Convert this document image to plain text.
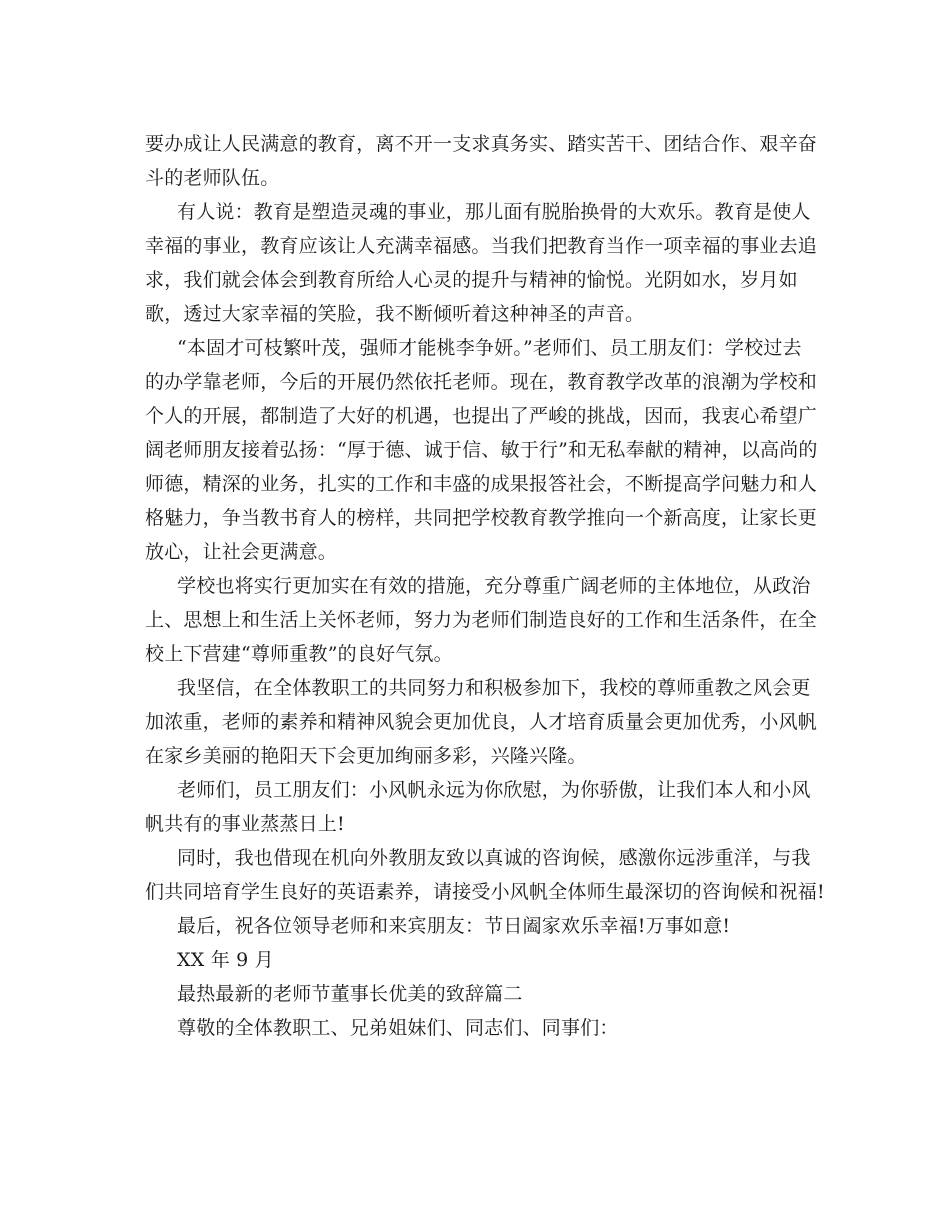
要办成让人民满意的教育，离不开一支求真务实、踏实苦干、团结合作、艰辛奋
斗的老师队伍。
有人说：教育是塑造灵魂的事业，那儿面有脱胎换骨的大欢乐。教育是使人
幸福的事业，教育应该让人充满幸福感。当我们把教育当作一项幸福的事业去追
求，我们就会体会到教育所给人心灵的提升与精神的愉悦。光阴如水，岁月如
歌，透过大家幸福的笑脸，我不断倾听着这种神圣的声音。
“本固才可枝繁叶茂，强师才能桃李争妍。”老师们、员工朋友们：学校过去
的办学靠老师，今后的开展仍然依托老师。现在，教育教学改革的浪潮为学校和
个人的开展，都制造了大好的机遇，也提出了严峻的挑战，因而，我衷心希望广
阔老师朋友接着弘扬：“厚于德、诚于信、敏于行”和无私奉献的精神，以高尚的
师德，精深的业务，扎实的工作和丰盛的成果报答社会，不断提高学问魅力和人
格魅力，争当教书育人的榜样，共同把学校教育教学推向一个新高度，让家长更
放心，让社会更满意。
学校也将实行更加实在有效的措施，充分尊重广阔老师的主体地位，从政治
上、思想上和生活上关怀老师，努力为老师们制造良好的工作和生活条件，在全
校上下营建“尊师重教”的良好气氛。
我坚信，在全体教职工的共同努力和积极参加下，我校的尊师重教之风会更
加浓重，老师的素养和精神风貌会更加优良，人才培育质量会更加优秀，小风帆
在家乡美丽的艳阳天下会更加绚丽多彩，兴隆兴隆。
老师们，员工朋友们：小风帆永远为你欣慰，为你骄傲，让我们本人和小风
帆共有的事业蒸蒸日上!
同时，我也借现在机向外教朋友致以真诚的咨询候，感激你远涉重洋，与我
们共同培育学生良好的英语素养，请接受小风帆全体师生最深切的咨询候和祝福!
最后，祝各位领导老师和来宾朋友：节日阖家欢乐幸福!万事如意!
XX 年 9 月
最热最新的老师节董事长优美的致辞篇二
尊敬的全体教职工、兄弟姐妹们、同志们、同事们：
